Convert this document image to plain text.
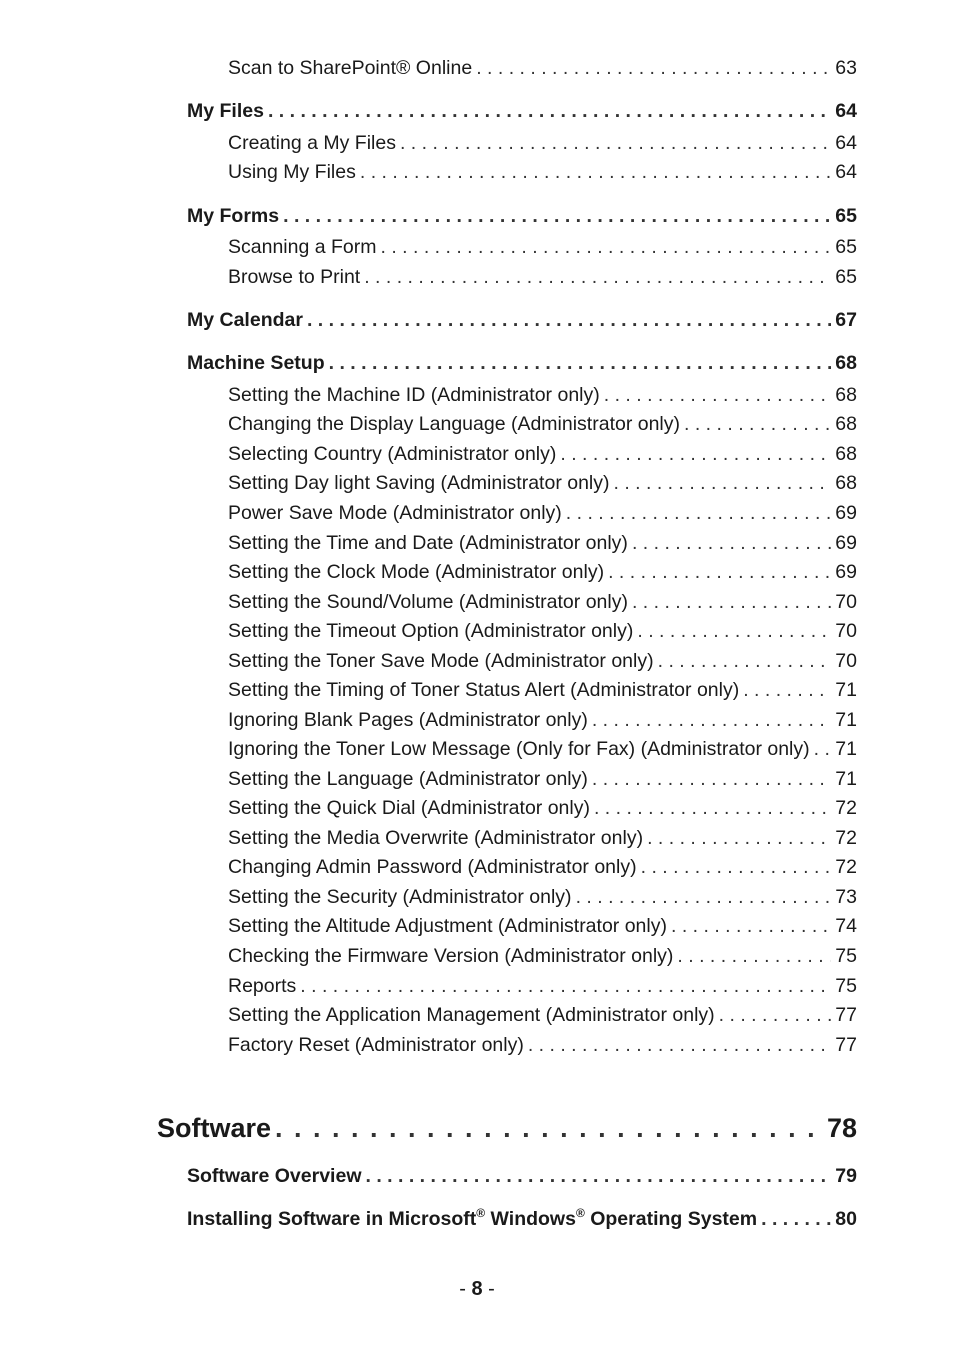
Scan to SharePoint® Online . . .	63
My Files . . .	64
Creating a My Files . . .	64
Using My Files . . .	64
My Forms . . .	65
Scanning a Form . . .	65
Browse to Print . . .	65
My Calendar . . .	67
Machine Setup . . .	68
Setting the Machine ID (Administrator only) . . .	68
Changing the Display Language (Administrator only) . . .	68
Selecting Country (Administrator only) . . .	68
Setting Day light Saving (Administrator only) . . .	68
Power Save Mode (Administrator only) . . .	69
Setting the Time and Date (Administrator only) . . .	69
Setting the Clock Mode (Administrator only) . . .	69
Setting the Sound/Volume (Administrator only) . . .	70
Setting the Timeout Option (Administrator only) . . .	70
Setting the Toner Save Mode (Administrator only) . . .	70
Setting the Timing of Toner Status Alert (Administrator only) . . .	71
Ignoring Blank Pages (Administrator only) . . .	71
Ignoring the Toner Low Message (Only for Fax) (Administrator only) . . . 71
Setting the Language (Administrator only) . . .	71
Setting the Quick Dial (Administrator only) . . .	72
Setting the Media Overwrite (Administrator only) . . .	72
Changing Admin Password (Administrator only) . . .	72
Setting the Security (Administrator only) . . .	73
Setting the Altitude Adjustment (Administrator only) . . .	74
Checking the Firmware Version (Administrator only) . . .	75
Reports . . .	75
Setting the Application Management (Administrator only) . . .	77
Factory Reset (Administrator only) . . .	77
Software . . .	78
Software Overview . . .	79
Installing Software in Microsoft® Windows® Operating System . . .	80
- 8 -
